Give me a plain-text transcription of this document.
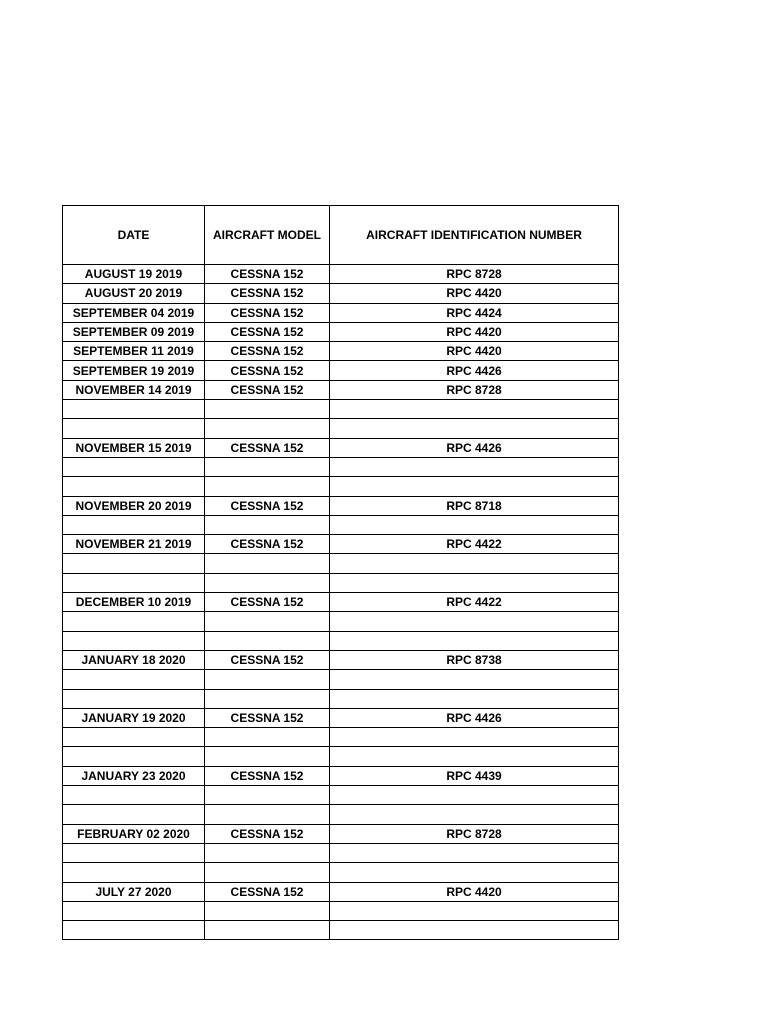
DATE	AIRCRAFT MODEL	AIRCRAFT IDENTIFICATION NUMBER
AUGUST 19 2019	CESSNA 152	RPC 8728
AUGUST 20 2019	CESSNA 152	RPC 4420
SEPTEMBER 04 2019	CESSNA 152	RPC 4424
SEPTEMBER 09 2019	CESSNA 152	RPC 4420
SEPTEMBER 11 2019	CESSNA 152	RPC 4420
SEPTEMBER 19 2019	CESSNA 152	RPC 4426
NOVEMBER 14 2019	CESSNA 152	RPC 8728

NOVEMBER 15 2019	CESSNA 152	RPC 4426

NOVEMBER 20 2019	CESSNA 152	RPC 8718

NOVEMBER 21 2019	CESSNA 152	RPC 4422

DECEMBER 10 2019	CESSNA 152	RPC 4422

JANUARY 18 2020	CESSNA 152	RPC 8738

JANUARY 19 2020	CESSNA 152	RPC 4426

JANUARY 23 2020	CESSNA 152	RPC 4439

FEBRUARY 02 2020	CESSNA 152	RPC 8728

JULY 27 2020	CESSNA 152	RPC 4420
